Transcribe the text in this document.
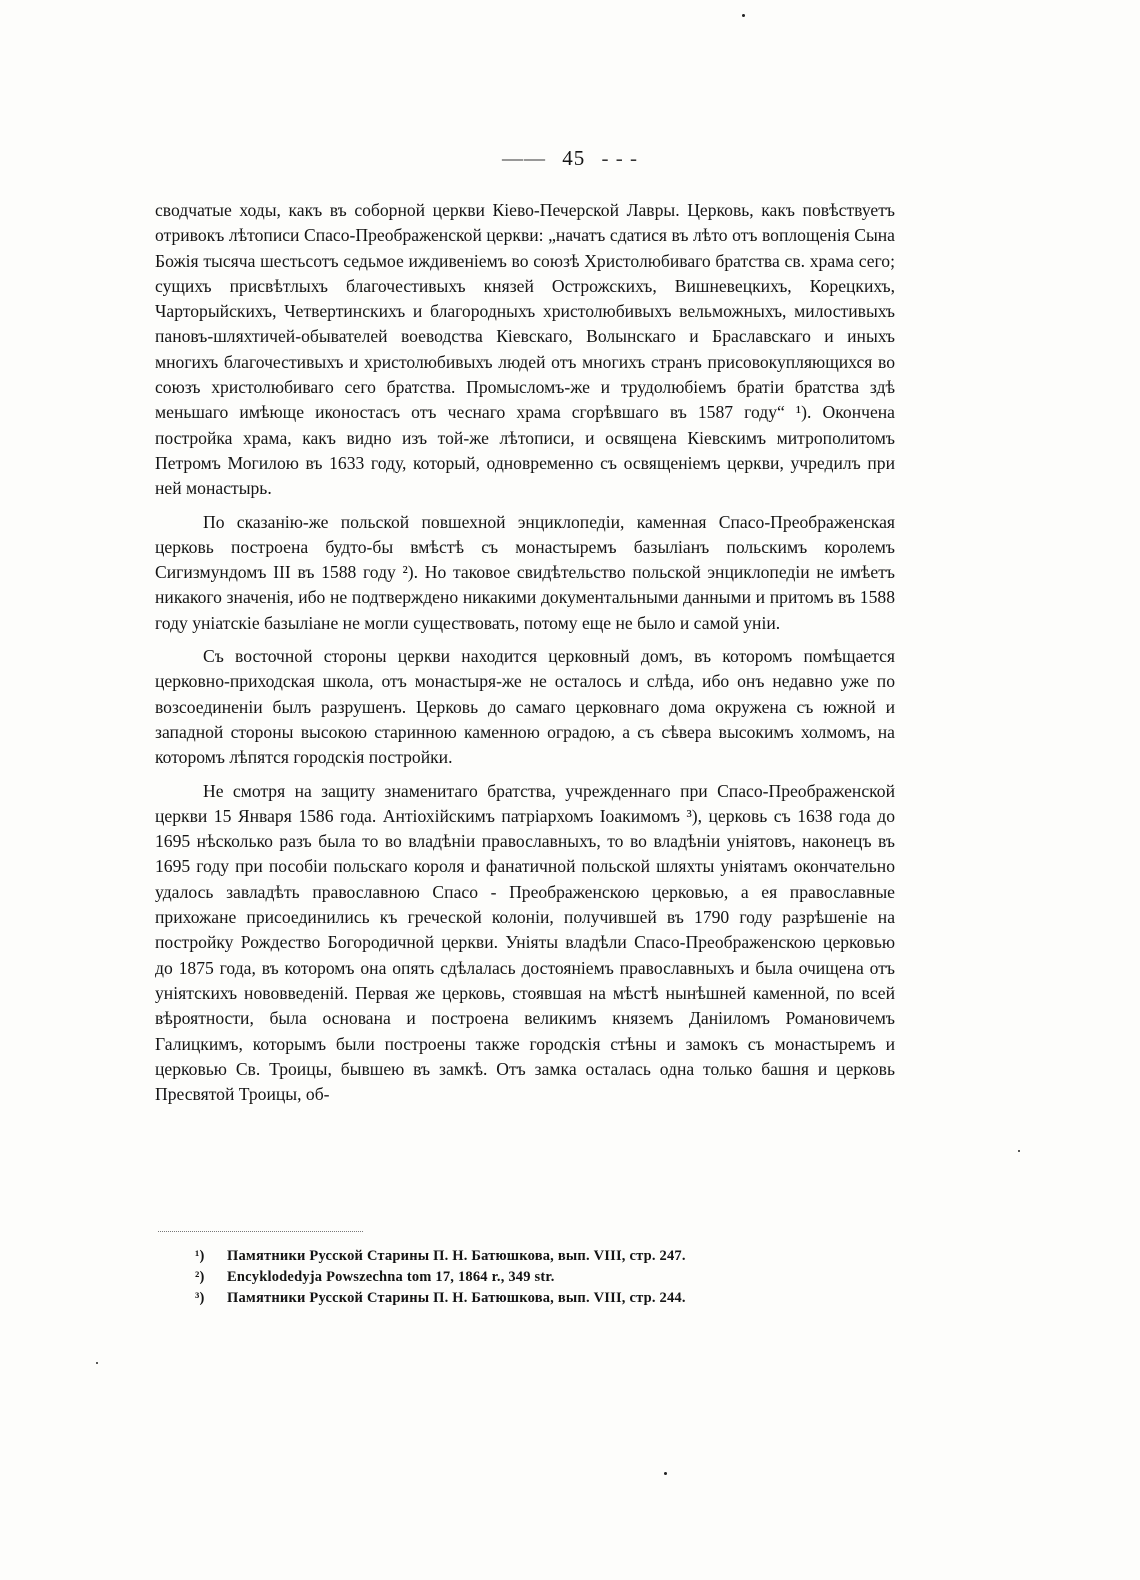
—— 45 - - -

сводчатые ходы, какъ въ соборной церкви Кіево-Печерской Лавры. Церковь, какъ повѣствуетъ отривокъ лѣтописи Спасо-Преображенской церкви: „начатъ сдатися въ лѣто отъ воплощенія Сына Божія тысяча шестьсотъ седьмое иждивеніемъ во союзѣ Христолюбиваго братства св. храма сего; сущихъ присвѣтлыхъ благочестивыхъ князей Острожскихъ, Вишневецкихъ, Корецкихъ, Чарторыйскихъ, Четвертинскихъ и благородныхъ христолюбивыхъ вельможныхъ, милостивыхъ пановъ-шляхтичей-обывателей воеводства Кіевскаго, Волынскаго и Браславскаго и иныхъ многихъ благочестивыхъ и христолюбивыхъ людей отъ многихъ странъ присовокупляющихся во союзъ христолюбиваго сего братства. Промысломъ-же и трудолюбіемъ братіи братства здѣ меньшаго имѣюще иконостасъ отъ чеснаго храма сгорѣвшаго въ 1587 году“ ¹). Окончена постройка храма, какъ видно изъ той-же лѣтописи, и освящена Кіевскимъ митрополитомъ Петромъ Могилою въ 1633 году, который, одновременно съ освященіемъ церкви, учредилъ при ней монастырь.

По сказанію-же польской повшехной энциклопедіи, каменная Спасо-Преображенская церковь построена будто-бы вмѣстѣ съ монастыремъ базыліанъ польскимъ королемъ Сигизмундомъ III въ 1588 году ²). Но таковое свидѣтельство польской энциклопедіи не имѣетъ никакого значенія, ибо не подтверждено никакими документальными данными и притомъ въ 1588 году уніатскіе базыліане не могли существовать, потому еще не было и самой уніи.

Съ восточной стороны церкви находится церковный домъ, въ которомъ помѣщается церковно-приходская школа, отъ монастыря-же не осталось и слѣда, ибо онъ недавно уже по возсоединеніи былъ разрушенъ. Церковь до самаго церковнаго дома окружена съ южной и западной стороны высокою старинною каменною оградою, а съ сѣвера высокимъ холмомъ, на которомъ лѣпятся городскія постройки.

Не смотря на защиту знаменитаго братства, учрежденнаго при Спасо-Преображенской церкви 15 Января 1586 года. Антіохійскимъ патріархомъ Іоакимомъ ³), церковь съ 1638 года до 1695 нѣсколько разъ была то во владѣніи православныхъ, то во владѣніи уніятовъ, наконецъ въ 1695 году при пособіи польскаго короля и фанатичной польской шляхты уніятамъ окончательно удалось завладѣть православною Спасо - Преображенскою церковью, а ея православные прихожане присоединились къ греческой колоніи, получившей въ 1790 году разрѣшеніе на постройку Рождество Богородичной церкви. Уніяты владѣли Спасо-Преображенскою церковью до 1875 года, въ которомъ она опять сдѣлалась достояніемъ православныхъ и была очищена отъ уніятскихъ нововведеній. Первая же церковь, стоявшая на мѣстѣ нынѣшней каменной, по всей вѣроятности, была основана и построена великимъ княземъ Даніиломъ Романовичемъ Галицкимъ, которымъ были построены также городскія стѣны и замокъ съ монастыремъ и церковью Св. Троицы, бывшею въ замкѣ. Отъ замка осталась одна только башня и церковь Пресвятой Троицы, об-

¹) Памятники Русской Старины П. Н. Батюшкова, вып. VIII, стр. 247.
²) Encyklodedyja Powszechna tom 17, 1864 r., 349 str.
³) Памятники Русской Старины П. Н. Батюшкова, вып. VIII, стр. 244.
